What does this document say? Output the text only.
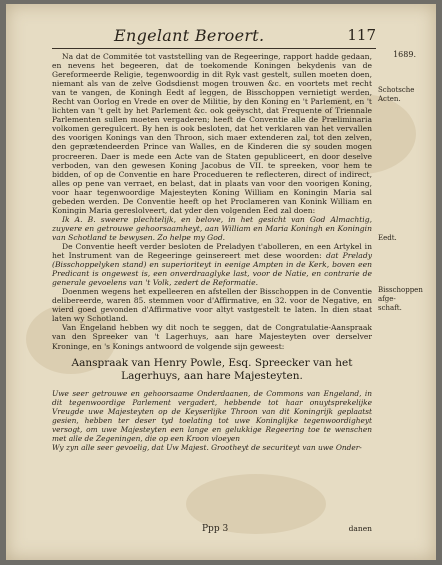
Engelant Beroert.	117
1689.
Schotsche Acten.
Eedt.
Bisschoppen afge- schaft.

Na dat de Commitée tot vaststelling van de Regeeringe, rapport hadde gedaan, en nevens het begeeren, dat de toekomende Koningen bekydenis van de Gereformeerde Religie, tegenwoordig in dit Ryk vast gestelt, sullen moeten doen, niemant als van de zelve Godsdienst mogen trouwen &c. en voortets met recht van te vangen, de Koningh Eedt af leggen, de Bisschoppen vernietigt werden, Recht van Oorlog en Vrede en over de Militie, by den Koning en 't Parlement, en 't lichten van 't gelt by het Parlement &c. ook geëyscht, dat Frequente of Triennale Parlementen sullen moeten vergaderen; heeft de Conventie alle de Præliminaria volkomen geregulcert. By hen is ook besloten, dat het verklaren van het vervallen des voorigen Konings van den Throon, sich maer extenderen zal, tot den zelven, den geprætendeerden Prince van Walles, en de Kinderen die sy souden mogen procreeren. Daer is mede een Acte van de Staten gepubliceert, en door deselve verboden, van den gewesen Koning Jacobus de VII. te spreeken, voor hem te bidden, of op de Conventie en hare Procedueren te reflecteren, direct of indirect, alles op pene van verraet, en belast, dat in plaats van voor den voorigen Koning, voor haar tegenwoordige Majesteyten Koning William en Koningin Maria sal gebeden werden. De Conventie heeft op het Proclameren van Konink William en Koningin Maria gereslolveert, dat yder den volgenden Eed zal doen:

Ik A. B. sweere plechtelijk, en belove, in het gesicht van God Almachtig, zuyvere en getrouwe gehoorsaamheyt, aan William en Maria Koningh en Koningin van Schotland te bewysen. Zo helpe my God.

De Conventie heeft verder besloten de Preladyen t'abolleren, en een Artykel in het Instrument van de Regeeringe geinsereert met dese woorden: dat Prelady (Bisschoppelyken stand) en superioriteyt in eenige Ampten in de Kerk, boven een Predicant is ongewest is, een onverdraaglyke last, voor de Natie, en contrarie de generale gevoelens van 't Volk, zedert de Reformatie.

Doenmen wegens het expelleeren en afstellen der Bisschoppen in de Conventie delibereerde, waren 85. stemmen voor d'Affirmative, en 32. voor de Negative, en wierd goed gevonden d'Affirmative voor altyt vastgestelt te laten. In dien staat laten wy Schotland.

Van Engeland hebben wy dit noch te seggen, dat de Congratulatie-Aanspraak van den Spreeker van 't Lagerhuys, aan hare Majesteyten over derselver Kroninge, en 's Konings antwoord de volgende sijn geweest:

Aanspraak van Henry Powle, Esq. Spreecker van het
Lagerhuys, aan hare Majesteyten.
Uwe seer getrouwe en gehoorsaame Onderdaanen, de Commons van Engeland, in dit tegenwoordige Parlement vergadert, hebbende tot haar onuytsprekelijke Vreugde uwe Majesteyten op de Keyserlijke Throon van dit Koningrijk geplaatst gesien, hebben ter deser tyd toelating tot uwe Koninglijke tegenwoordigheyt versogt, om uwe Majesteyten een lange en gelukkige Regeering toe te wenschen met alle de Zegeningen, die op een Kroon vloeyen
Wy zyn alle seer gevoelig, dat Uw Majest. Grootheyt de securiteyt van uwe Onder-
Ppp 3	danen
